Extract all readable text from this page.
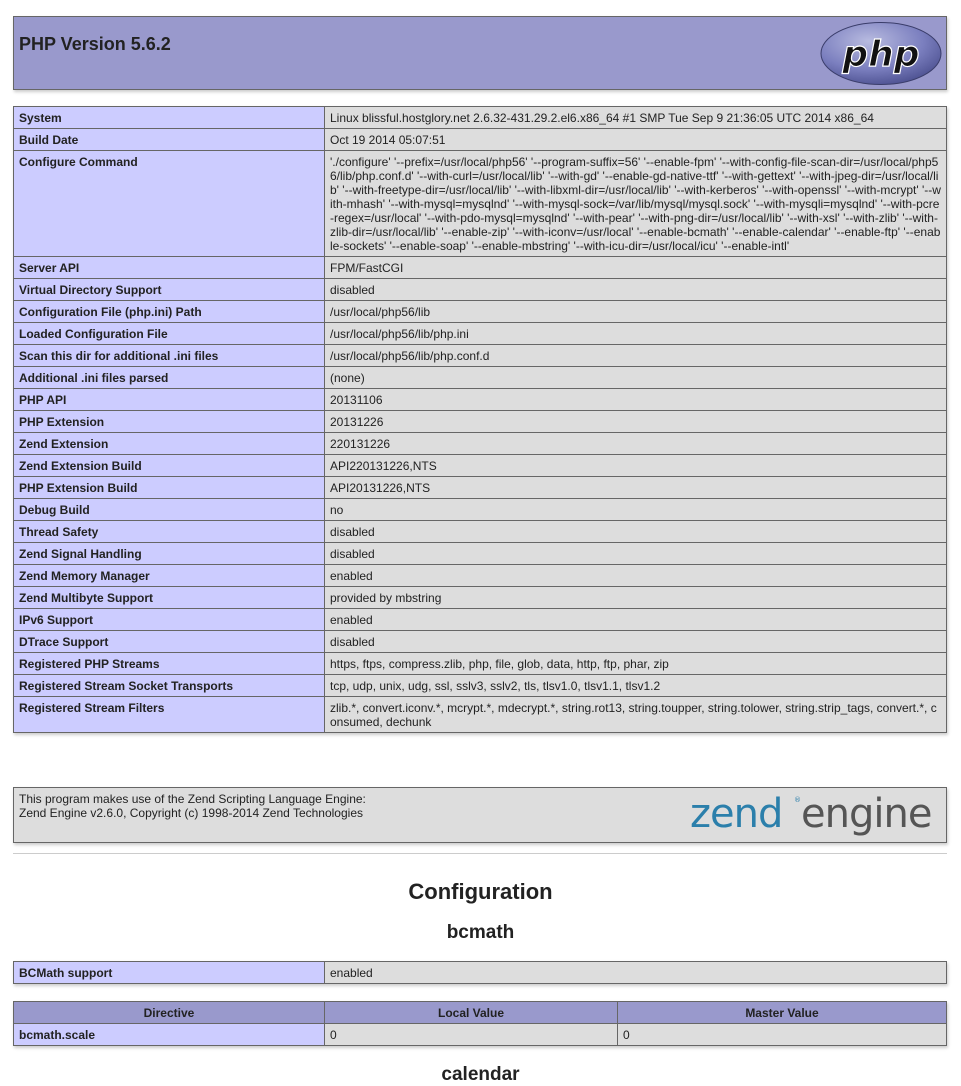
PHP Version 5.6.2	php
System	Linux blissful.hostglory.net 2.6.32-431.29.2.el6.x86_64 #1 SMP Tue Sep 9 21:36:05 UTC 2014 x86_64
Build Date	Oct 19 2014 05:07:51
Configure Command	'./configure' '--prefix=/usr/local/php56' '--program-suffix=56' '--enable-fpm' '--with-config-file-scan-dir=/usr/local/php56/lib/php.conf.d' '--with-curl=/usr/local/lib' '--with-gd' '--enable-gd-native-ttf' '--with-gettext' '--with-jpeg-dir=/usr/local/lib' '--with-freetype-dir=/usr/local/lib' '--with-libxml-dir=/usr/local/lib' '--with-kerberos' '--with-openssl' '--with-mcrypt' '--with-mhash' '--with-mysql=mysqlnd' '--with-mysql-sock=/var/lib/mysql/mysql.sock' '--with-mysqli=mysqlnd' '--with-pcre-regex=/usr/local' '--with-pdo-mysql=mysqlnd' '--with-pear' '--with-png-dir=/usr/local/lib' '--with-xsl' '--with-zlib' '--with-zlib-dir=/usr/local/lib' '--enable-zip' '--with-iconv=/usr/local' '--enable-bcmath' '--enable-calendar' '--enable-ftp' '--enable-sockets' '--enable-soap' '--enable-mbstring' '--with-icu-dir=/usr/local/icu' '--enable-intl'
Server API	FPM/FastCGI
Virtual Directory Support	disabled
Configuration File (php.ini) Path	/usr/local/php56/lib
Loaded Configuration File	/usr/local/php56/lib/php.ini
Scan this dir for additional .ini files	/usr/local/php56/lib/php.conf.d
Additional .ini files parsed	(none)
PHP API	20131106
PHP Extension	20131226
Zend Extension	220131226
Zend Extension Build	API220131226,NTS
PHP Extension Build	API20131226,NTS
Debug Build	no
Thread Safety	disabled
Zend Signal Handling	disabled
Zend Memory Manager	enabled
Zend Multibyte Support	provided by mbstring
IPv6 Support	enabled
DTrace Support	disabled
Registered PHP Streams	https, ftps, compress.zlib, php, file, glob, data, http, ftp, phar, zip
Registered Stream Socket Transports	tcp, udp, unix, udg, ssl, sslv3, sslv2, tls, tlsv1.0, tlsv1.1, tlsv1.2
Registered Stream Filters	zlib.*, convert.iconv.*, mcrypt.*, mdecrypt.*, string.rot13, string.toupper, string.tolower, string.strip_tags, convert.*, consumed, dechunk

This program makes use of the Zend Scripting Language Engine:
Zend Engine v2.6.0, Copyright (c) 1998-2014 Zend Technologies	zend ® engine
Configuration
bcmath
BCMath support	enabled
Directive	Local Value	Master Value
bcmath.scale	0	0
calendar
